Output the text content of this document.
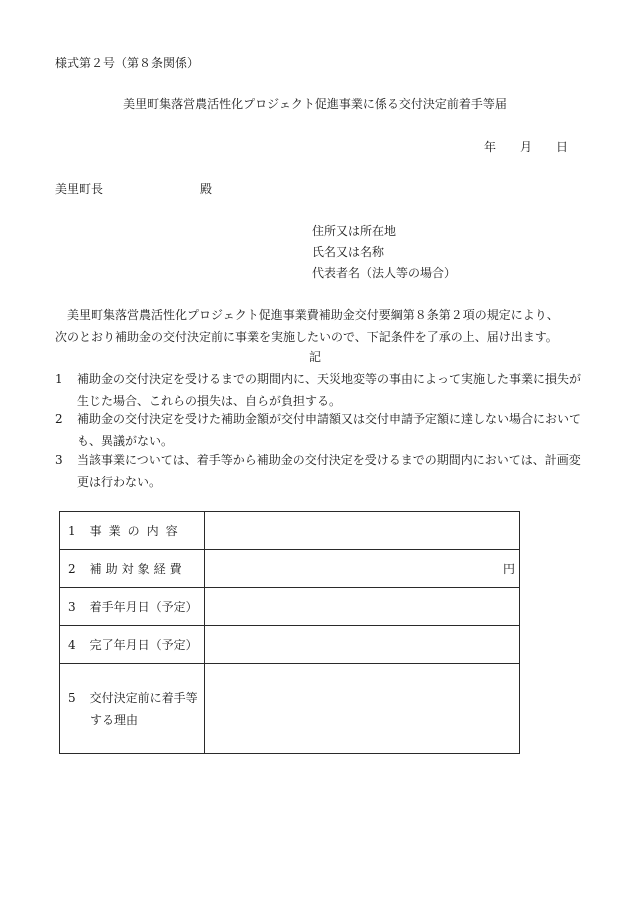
様式第２号（第８条関係）
美里町集落営農活性化プロジェクト促進事業に係る交付決定前着手等届
年 月 日
美里町長	殿
住所又は所在地
氏名又は名称
代表者名（法人等の場合）
美里町集落営農活性化プロジェクト促進事業費補助金交付要綱第８条第２項の規定により、次のとおり補助金の交付決定前に事業を実施したいので、下記条件を了承の上、届け出ます。
記
1 補助金の交付決定を受けるまでの期間内に、天災地変等の事由によって実施した事業に損失が生じた場合、これらの損失は、自らが負担する。
2 補助金の交付決定を受けた補助金額が交付申請額又は交付申請予定額に達しない場合においても、異議がない。
3 当該事業については、着手等から補助金の交付決定を受けるまでの期間内においては、計画変更は行わない。
1 事業の内容	
2 補助対象経費	円

3 着手年月日（予定）	
4 完了年月日（予定）	

5 交付決定前に着手等
する理由	
